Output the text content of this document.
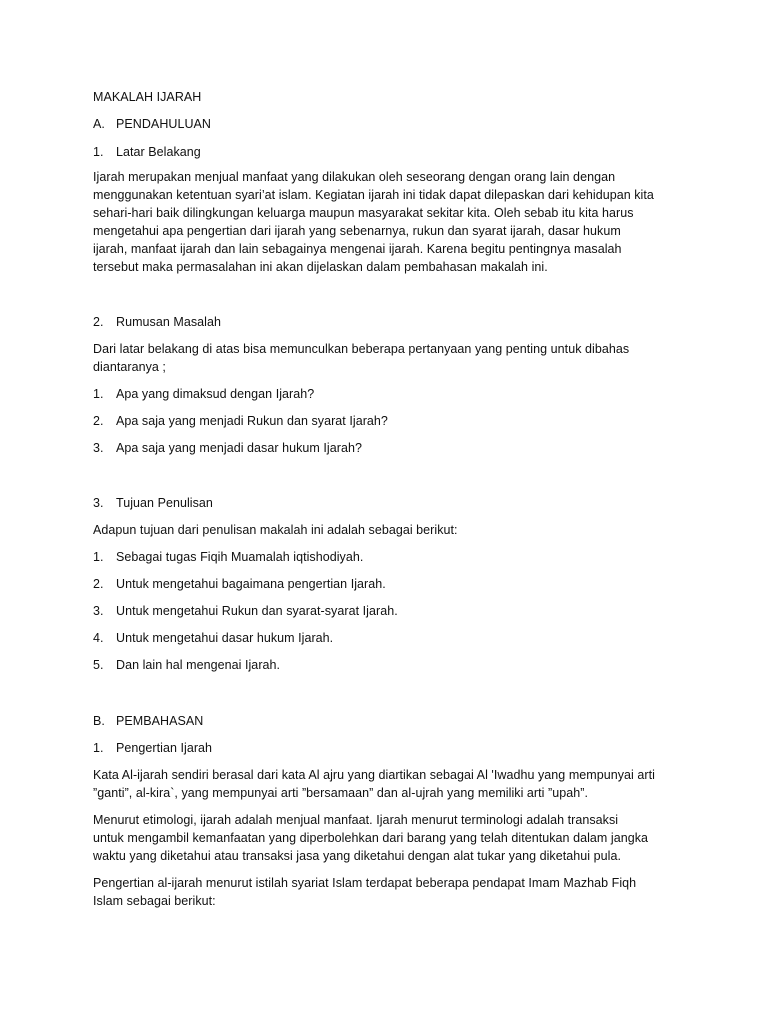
MAKALAH IJARAH
A. PENDAHULUAN
1. Latar Belakang
Ijarah merupakan menjual manfaat yang dilakukan oleh seseorang dengan orang lain dengan
menggunakan ketentuan syari’at islam. Kegiatan ijarah ini tidak dapat dilepaskan dari kehidupan kita
sehari-hari baik dilingkungan keluarga maupun masyarakat sekitar kita. Oleh sebab itu kita harus
mengetahui apa pengertian dari ijarah yang sebenarnya, rukun dan syarat ijarah, dasar hukum
ijarah, manfaat ijarah dan lain sebagainya mengenai ijarah. Karena begitu pentingnya masalah
tersebut maka permasalahan ini akan dijelaskan dalam pembahasan makalah ini.
2. Rumusan Masalah
Dari latar belakang di atas bisa memunculkan beberapa pertanyaan yang penting untuk dibahas
diantaranya ;
1. Apa yang dimaksud dengan Ijarah?
2. Apa saja yang menjadi Rukun dan syarat Ijarah?
3. Apa saja yang menjadi dasar hukum Ijarah?
3. Tujuan Penulisan
Adapun tujuan dari penulisan makalah ini adalah sebagai berikut:
1. Sebagai tugas Fiqih Muamalah iqtishodiyah.
2. Untuk mengetahui bagaimana pengertian Ijarah.
3. Untuk mengetahui Rukun dan syarat-syarat Ijarah.
4. Untuk mengetahui dasar hukum Ijarah.
5. Dan lain hal mengenai Ijarah.
B. PEMBAHASAN
1. Pengertian Ijarah
Kata Al-ijarah sendiri berasal dari kata Al ajru yang diartikan sebagai Al 'Iwadhu yang mempunyai arti
”ganti”, al-kira`, yang mempunyai arti ”bersamaan” dan al-ujrah yang memiliki arti ”upah”.
Menurut etimologi, ijarah adalah menjual manfaat. Ijarah menurut terminologi adalah transaksi
untuk mengambil kemanfaatan yang diperbolehkan dari barang yang telah ditentukan dalam jangka
waktu yang diketahui atau transaksi jasa yang diketahui dengan alat tukar yang diketahui pula.
Pengertian al-ijarah menurut istilah syariat Islam terdapat beberapa pendapat Imam Mazhab Fiqh
Islam sebagai berikut:
